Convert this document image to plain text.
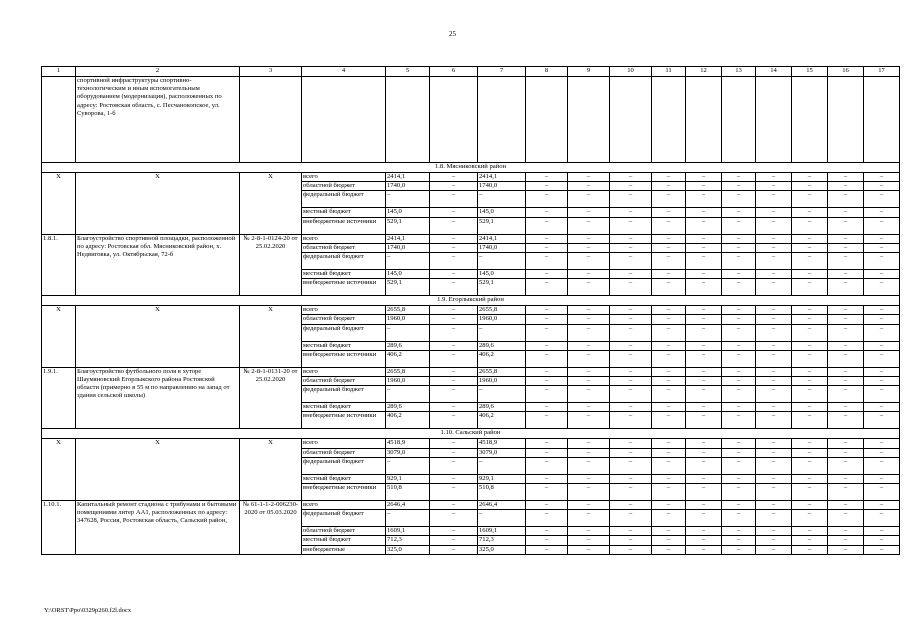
25
1	2	3	4	5	6	7	8	9	10	11	12	13	14	15	16	17
	спортивной инфраструктуры спортивно-технологическим и иным вспомогательным оборудованием (модернизация), расположенных по адресу: Ростовская область, с. Песчанокопское, ул. Суворова, 1-б															
1.8. Мясниковский район																
X	X	X	всего	2414,1	–	2414,1	–	–	–	–	–	–	–	–	–	–
			областной бюджет	1740,0	–	1740,0	–	–	–	–	–	–	–	–	–	–
			федеральный бюджет	–	–	–	–	–	–	–	–	–	–	–	–	–
			местный бюджет	145,0	–	145,0	–	–	–	–	–	–	–	–	–	–
			внебюджетные источники	529,1	–	529,1	–	–	–	–	–	–	–	–	–	–
1.8.1.	Благоустройство спортивной площадки, расположенной по адресу: Ростовская обл. Мясниковский район, х. Недвиговка, ул. Октябрьская, 72-б	№ 2-8-1-0124-20 от 25.02.2020	всего	2414,1	–	2414,1	–	–	–	–	–	–	–	–	–	–
			областной бюджет	1740,0	–	1740,0	–	–	–	–	–	–	–	–	–	–
			федеральный бюджет	–	–	–	–	–	–	–	–	–	–	–	–	–
			местный бюджет	145,0	–	145,0	–	–	–	–	–	–	–	–	–	–
			внебюджетные источники	529,1	–	529,1	–	–	–	–	–	–	–	–	–	–
1.9. Егорлыкский район																
X	X	X	всего	2655,8	–	2655,8	–	–	–	–	–	–	–	–	–	–
			областной бюджет	1960,0	–	1960,0	–	–	–	–	–	–	–	–	–	–
			федеральный бюджет	–	–	–	–	–	–	–	–	–	–	–	–	–
			местный бюджет	289,6	–	289,6	–	–	–	–	–	–	–	–	–	–
			внебюджетные источники	406,2	–	406,2	–	–	–	–	–	–	–	–	–	–
1.9.1.	Благоустройство футбольного поля в хуторе Шаумяновский Егорлыкского района Ростовской области (примерно в 55 м по направлению на запад от здания сельской школы)	№ 2-8-1-0131-20 от 25.02.2020	всего	2655,8	–	2655,8	–	–	–	–	–	–	–	–	–	–
			областной бюджет	1960,0	–	1960,0	–	–	–	–	–	–	–	–	–	–
			федеральный бюджет	–	–	–	–	–	–	–	–	–	–	–	–	–
			местный бюджет	289,6	–	289,6	–	–	–	–	–	–	–	–	–	–
			внебюджетные источники	406,2	–	406,2	–	–	–	–	–	–	–	–	–	–
1.10. Сальский район																
X	X	X	всего	4518,9	–	4518,9	–	–	–	–	–	–	–	–	–	–
			областной бюджет	3079,0	–	3079,0	–	–	–	–	–	–	–	–	–	–
			федеральный бюджет	–	–	–	–	–	–	–	–	–	–	–	–	–
			местный бюджет	929,1	–	929,1	–	–	–	–	–	–	–	–	–	–
			внебюджетные источники	510,8	–	510,8	–	–	–	–	–	–	–	–	–	–
1.10.1.	Капитальный ремонт стадиона с трибунами и бытовыми помещениями литер АА1, расположенных по адресу: 347628, Россия, Ростовская область, Сальский район,	№ 61-1-1-2-006230-2020 от 05.03.2020	всего	2646,4	–	2646,4	–	–	–	–	–	–	–	–	–	–
			федеральный бюджет	–	–	–	–	–	–	–	–	–	–	–	–	–
			областной бюджет	1609,1	–	1609,1	–	–	–	–	–	–	–	–	–	–
			местный бюджет	712,3	–	712,3	–	–	–	–	–	–	–	–	–	–
			внебюджетные	325,0	–	325,0	–	–	–	–	–	–	–	–	–	–
Y:\ORST\Ppo\0329p260.f2l.docx
